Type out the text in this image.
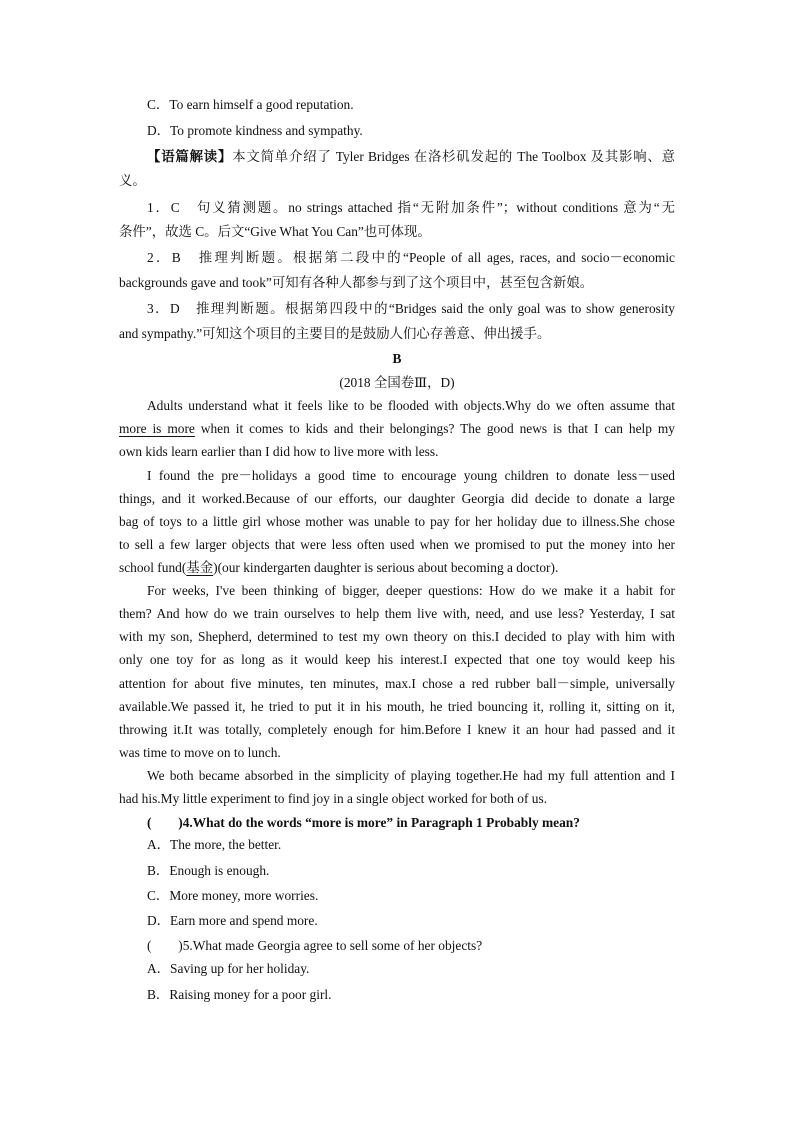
C．To earn himself a good reputation.
D．To promote kindness and sympathy.
【语篇解读】本文简单介绍了 Tyler Bridges 在洛杉矶发起的 The Toolbox 及其影响、意
义。
1．C　句义猜测题。no strings attached 指“无附加条件”；without conditions 意为“无
条件”，故选 C。后文“Give What You Can”也可体现。
2．B　推理判断题。根据第二段中的“People of all ages, races, and socio－economic
backgrounds gave and took”可知有各种人都参与到了这个项目中，甚至包含新娘。
3．D　推理判断题。根据第四段中的“Bridges said the only goal was to show generosity
and sympathy.”可知这个项目的主要目的是鼓励人们心存善意、伸出援手。
B
(2018 全国卷Ⅲ，D)
Adults understand what it feels like to be flooded with objects.Why do we often assume that
more is more when it comes to kids and their belongings? The good news is that I can help my
own kids learn earlier than I did how to live more with less.
I found the pre－holidays a good time to encourage young children to donate less－used
things, and it worked.Because of our efforts, our daughter Georgia did decide to donate a large
bag of toys to a little girl whose mother was unable to pay for her holiday due to illness.She chose
to sell a few larger objects that were less often used when we promised to put the money into her
school fund(基金)(our kindergarten daughter is serious about becoming a doctor).
For weeks, I've been thinking of bigger, deeper questions: How do we make it a habit for
them? And how do we train ourselves to help them live with, need, and use less? Yesterday, I sat
with my son, Shepherd, determined to test my own theory on this.I decided to play with him with
only one toy for as long as it would keep his interest.I expected that one toy would keep his
attention for about five minutes, ten minutes, max.I chose a red rubber ball－simple, universally
available.We passed it, he tried to put it in his mouth, he tried bouncing it, rolling it, sitting on it,
throwing it.It was totally, completely enough for him.Before I knew it an hour had passed and it
was time to move on to lunch.
We both became absorbed in the simplicity of playing together.He had my full attention and I
had his.My little experiment to find joy in a single object worked for both of us.
(　　)4.What do the words “more is more” in Paragraph 1 Probably mean?
A．The more, the better.
B．Enough is enough.
C．More money, more worries.
D．Earn more and spend more.
(　　)5.What made Georgia agree to sell some of her objects?
A．Saving up for her holiday.
B．Raising money for a poor girl.
